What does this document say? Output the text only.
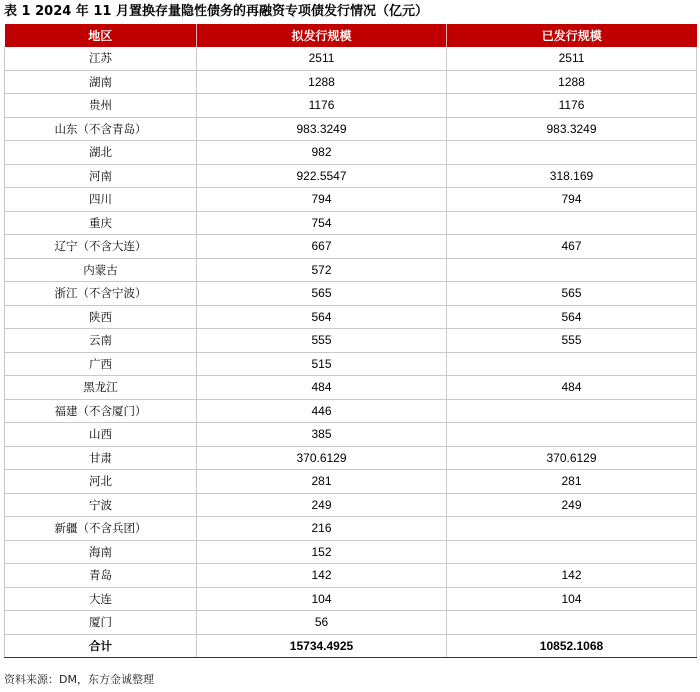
表 1 2024 年 11 月置换存量隐性债务的再融资专项债发行情况（亿元）
地区	拟发行规模	已发行规模
江苏	2511	2511
湖南	1288	1288
贵州	1176	1176
山东（不含青岛）	983.3249	983.3249
湖北	982	
河南	922.5547	318.169
四川	794	794
重庆	754	
辽宁（不含大连）	667	467
内蒙古	572	
浙江（不含宁波）	565	565
陕西	564	564
云南	555	555
广西	515	
黑龙江	484	484
福建（不含厦门）	446	
山西	385	
甘肃	370.6129	370.6129
河北	281	281
宁波	249	249
新疆（不含兵团）	216	
海南	152	
青岛	142	142
大连	104	104
厦门	56	
合计	15734.4925	10852.1068
资料来源：DM，东方金诚整理
